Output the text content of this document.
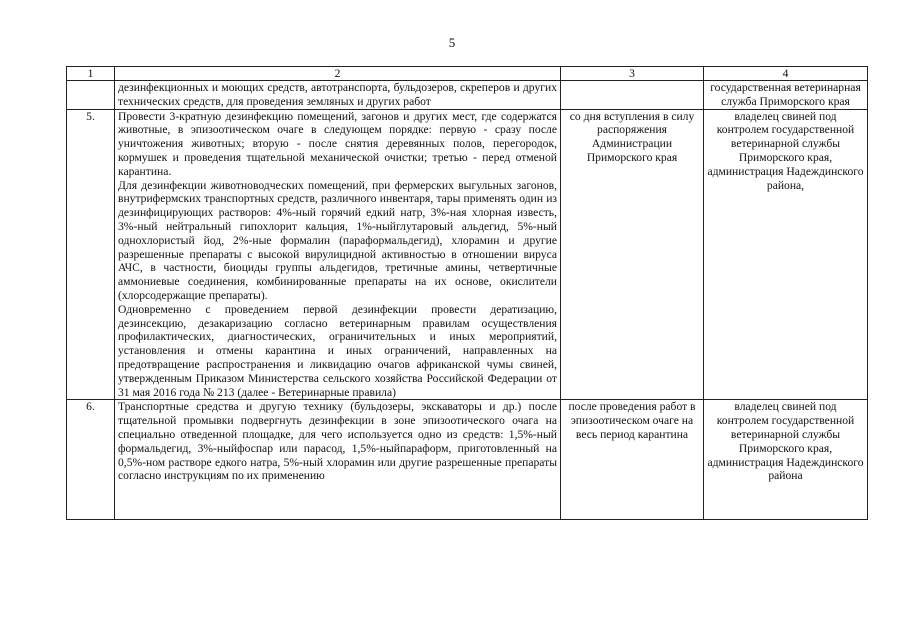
5
1	2	3	4

	дезинфекционных и моющих средств, автотранспорта, бульдозеров, скреперов и других технических средств, для проведения земляных и других работ		государственная ветеринарная служба Приморского края
5.	Провести 3-кратную дезинфекцию помещений, загонов и других мест, где содержатся животные, в эпизоотическом очаге в следующем порядке: первую - сразу после уничтожения животных; вторую - после снятия деревянных полов, перегородок, кормушек и проведения тщательной механической очистки; третью - перед отменой карантина.
Для дезинфекции животноводческих помещений, при фермерских выгульных загонов, внутрифермских транспортных средств, различного инвентаря, тары применять один из дезинфицирующих растворов: 4%-ный горячий едкий натр, 3%-ная хлорная известь, 3%-ный нейтральный гипохлорит кальция, 1%-ныйглутаровый альдегид, 5%-ный однохлористый йод, 2%-ные формалин (параформальдегид), хлорамин и другие разрешенные препараты с высокой вирулицидной активностью в отношении вируса АЧС, в частности, биоциды группы альдегидов, третичные амины, четвертичные аммониевые соединения, комбинированные препараты на их основе, окислители (хлорсодержащие препараты).
Одновременно с проведением первой дезинфекции провести дератизацию, дезинсекцию, дезакаризацию согласно ветеринарным правилам осуществления профилактических, диагностических, ограничительных и иных мероприятий, установления и отмены карантина и иных ограничений, направленных на предотвращение распространения и ликвидацию очагов африканской чумы свиней, утвержденным Приказом Министерства сельского хозяйства Российской Федерации от 31 мая 2016 года № 213 (далее - Ветеринарные правила)	со дня вступления в силу распоряжения Администрации Приморского края	владелец свиней под контролем государственной ветеринарной службы Приморского края, администрация Надеждинского района,
6.	Транспортные средства и другую технику (бульдозеры, экскаваторы и др.) после тщательной промывки подвергнуть дезинфекции в зоне эпизоотического очага на специально отведенной площадке, для чего используется одно из средств: 1,5%-ный формальдегид, 3%-ныйфоспар или парасод, 1,5%-ныйпараформ, приготовленный на 0,5%-ном растворе едкого натра, 5%-ный хлорамин или другие разрешенные препараты согласно инструкциям по их применению	после проведения работ в эпизоотическом очаге на весь период карантина	владелец свиней под контролем государственной ветеринарной службы Приморского края, администрация Надеждинского района
